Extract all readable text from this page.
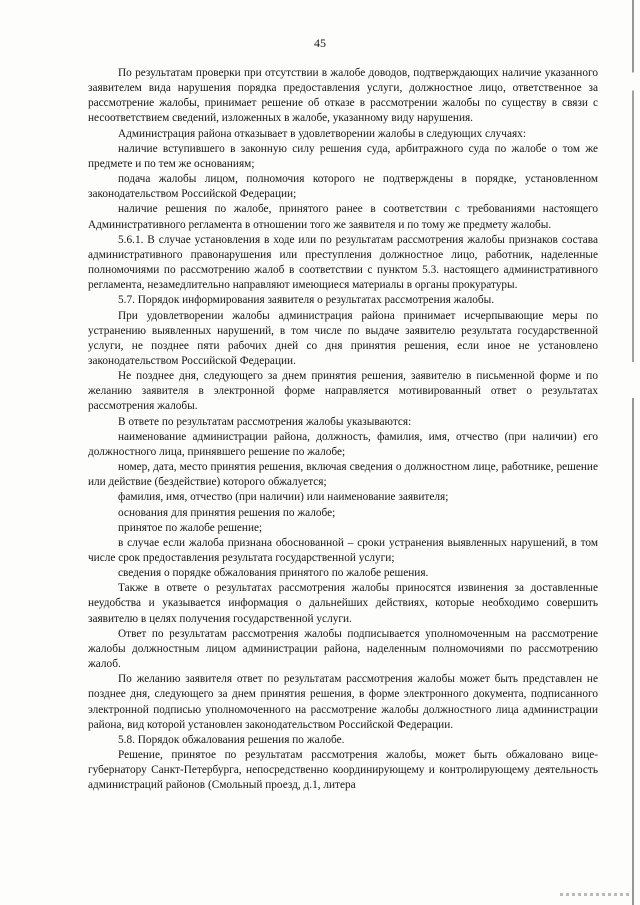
45

По результатам проверки при отсутствии в жалобе доводов, подтверждающих наличие указанного заявителем вида нарушения порядка предоставления услуги, должностное лицо, ответственное за рассмотрение жалобы, принимает решение об отказе в рассмотрении жалобы по существу в связи с несоответствием сведений, изложенных в жалобе, указанному виду нарушения.

Администрация района отказывает в удовлетворении жалобы в следующих случаях:

наличие вступившего в законную силу решения суда, арбитражного суда по жалобе о том же предмете и по тем же основаниям;

подача жалобы лицом, полномочия которого не подтверждены в порядке, установленном законодательством Российской Федерации;

наличие решения по жалобе, принятого ранее в соответствии с требованиями настоящего Административного регламента в отношении того же заявителя и по тому же предмету жалобы.

5.6.1. В случае установления в ходе или по результатам рассмотрения жалобы признаков состава административного правонарушения или преступления должностное лицо, работник, наделенные полномочиями по рассмотрению жалоб в соответствии с пунктом 5.3. настоящего административного регламента, незамедлительно направляют имеющиеся материалы в органы прокуратуры.

5.7. Порядок информирования заявителя о результатах рассмотрения жалобы.

При удовлетворении жалобы администрация района принимает исчерпывающие меры по устранению выявленных нарушений, в том числе по выдаче заявителю результата государственной услуги, не позднее пяти рабочих дней со дня принятия решения, если иное не установлено законодательством Российской Федерации.

Не позднее дня, следующего за днем принятия решения, заявителю в письменной форме и по желанию заявителя в электронной форме направляется мотивированный ответ о результатах рассмотрения жалобы.

В ответе по результатам рассмотрения жалобы указываются:

наименование администрации района, должность, фамилия, имя, отчество (при наличии) его должностного лица, принявшего решение по жалобе;

номер, дата, место принятия решения, включая сведения о должностном лице, работнике, решение или действие (бездействие) которого обжалуется;

фамилия, имя, отчество (при наличии) или наименование заявителя;

основания для принятия решения по жалобе;

принятое по жалобе решение;

в случае если жалоба признана обоснованной – сроки устранения выявленных нарушений, в том числе срок предоставления результата государственной услуги;

сведения о порядке обжалования принятого по жалобе решения.

Также в ответе о результатах рассмотрения жалобы приносятся извинения за доставленные неудобства и указывается информация о дальнейших действиях, которые необходимо совершить заявителю в целях получения государственной услуги.

Ответ по результатам рассмотрения жалобы подписывается уполномоченным на рассмотрение жалобы должностным лицом администрации района, наделенным полномочиями по рассмотрению жалоб.

По желанию заявителя ответ по результатам рассмотрения жалобы может быть представлен не позднее дня, следующего за днем принятия решения, в форме электронного документа, подписанного электронной подписью уполномоченного на рассмотрение жалобы должностного лица администрации района, вид которой установлен законодательством Российской Федерации.

5.8. Порядок обжалования решения по жалобе.

Решение, принятое по результатам рассмотрения жалобы, может быть обжаловано вице-губернатору Санкт-Петербурга, непосредственно координирующему и контролирующему деятельность администраций районов (Смольный проезд, д.1, литера
